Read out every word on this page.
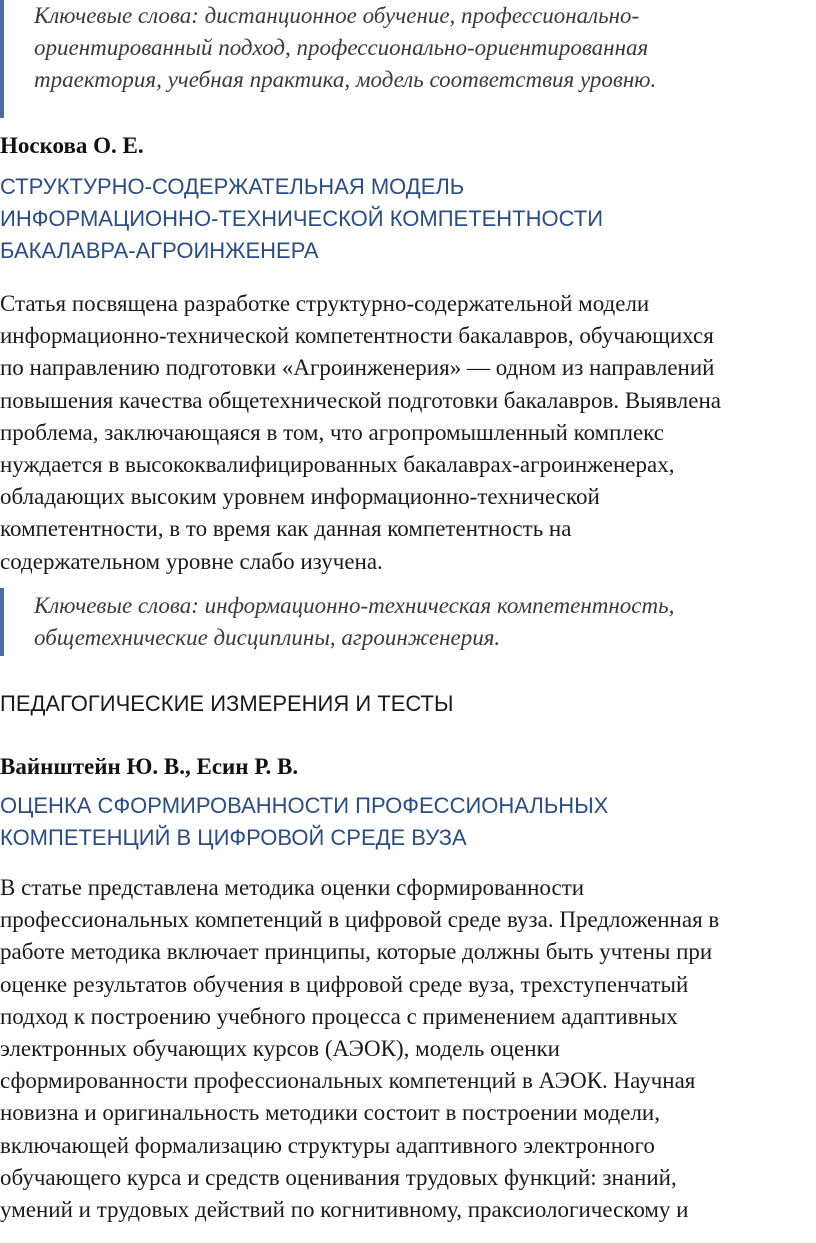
Ключевые слова: дистанционное обучение, профессионально-
ориентированный подход, профессионально-ориентированная
траектория, учебная практика, модель соответствия уровню.
Носкова О. Е.
СТРУКТУРНО-СОДЕРЖАТЕЛЬНАЯ МОДЕЛЬ
ИНФОРМАЦИОННО-ТЕХНИЧЕСКОЙ КОМПЕТЕНТНОСТИ
БАКАЛАВРА-АГРОИНЖЕНЕРА
Статья посвящена разработке структурно-содержательной модели
информационно-технической компетентности бакалавров, обучающихся
по направлению подготовки «Агроинженерия» — одном из направлений
повышения качества общетехнической подготовки бакалавров. Выявлена
проблема, заключающаяся в том, что агропромышленный комплекс
нуждается в высококвалифицированных бакалаврах-агроинженерах,
обладающих высоким уровнем информационно-технической
компетентности, в то время как данная компетентность на
содержательном уровне слабо изучена.
Ключевые слова: информационно-техническая компетентность,
общетехнические дисциплины, агроинженерия.
ПЕДАГОГИЧЕСКИЕ ИЗМЕРЕНИЯ И ТЕСТЫ
Вайнштейн Ю. В., Есин Р. В.
ОЦЕНКА СФОРМИРОВАННОСТИ ПРОФЕССИОНАЛЬНЫХ
КОМПЕТЕНЦИЙ В ЦИФРОВОЙ СРЕДЕ ВУЗА
В статье представлена методика оценки сформированности
профессиональных компетенций в цифровой среде вуза. Предложенная в
работе методика включает принципы, которые должны быть учтены при
оценке результатов обучения в цифровой среде вуза, трехступенчатый
подход к построению учебного процесса с применением адаптивных
электронных обучающих курсов (АЭОК), модель оценки
сформированности профессиональных компетенций в АЭОК. Научная
новизна и оригинальность методики состоит в построении модели,
включающей формализацию структуры адаптивного электронного
обучающего курса и средств оценивания трудовых функций: знаний,
умений и трудовых действий по когнитивному, праксиологическому и
